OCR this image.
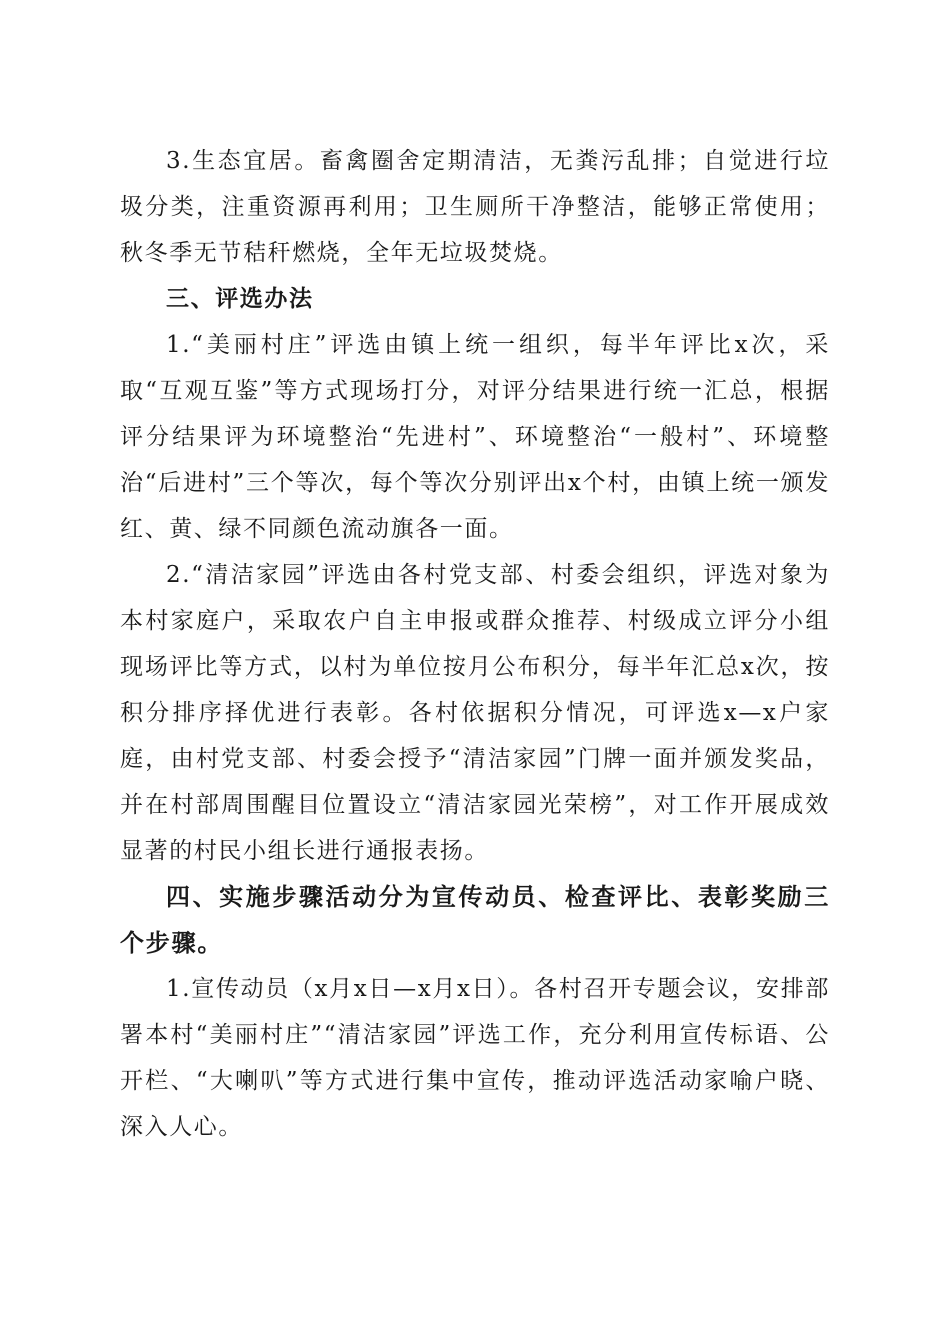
3.生态宜居。畜禽圈舍定期清洁，无粪污乱排；自觉进行垃圾分类，注重资源再利用；卫生厕所干净整洁，能够正常使用；秋冬季无节秸秆燃烧，全年无垃圾焚烧。

三、评选办法

1.“美丽村庄”评选由镇上统一组织，每半年评比x次，采取“互观互鉴”等方式现场打分，对评分结果进行统一汇总，根据评分结果评为环境整治“先进村”、环境整治“一般村”、环境整治“后进村”三个等次，每个等次分别评出x个村，由镇上统一颁发红、黄、绿不同颜色流动旗各一面。

2.“清洁家园”评选由各村党支部、村委会组织，评选对象为本村家庭户，采取农户自主申报或群众推荐、村级成立评分小组现场评比等方式，以村为单位按月公布积分，每半年汇总x次，按积分排序择优进行表彰。各村依据积分情况，可评选x—x户家庭，由村党支部、村委会授予“清洁家园”门牌一面并颁发奖品，并在村部周围醒目位置设立“清洁家园光荣榜”，对工作开展成效显著的村民小组长进行通报表扬。

四、实施步骤活动分为宣传动员、检查评比、表彰奖励三个步骤。

1.宣传动员（x月x日—x月x日）。各村召开专题会议，安排部署本村“美丽村庄”“清洁家园”评选工作，充分利用宣传标语、公开栏、“大喇叭”等方式进行集中宣传，推动评选活动家喻户晓、深入人心。
